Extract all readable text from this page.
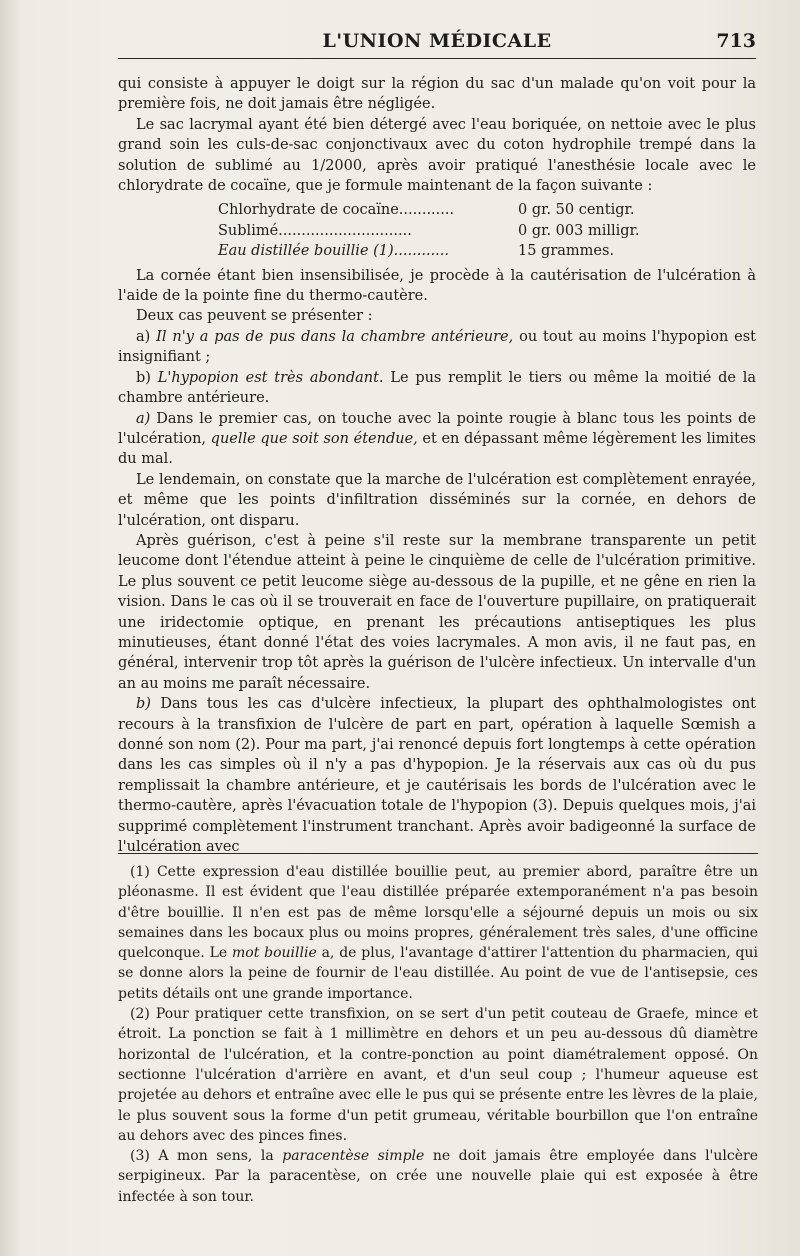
L'UNION MÉDICALE	713

qui consiste à appuyer le doigt sur la région du sac d'un malade qu'on voit pour la première fois, ne doit jamais être négligée.

Le sac lacrymal ayant été bien détergé avec l'eau boriquée, on nettoie avec le plus grand soin les culs-de-sac conjonctivaux avec du coton hydrophile trempé dans la solution de sublimé au 1/2000, après avoir pratiqué l'anesthésie locale avec le chlorydrate de cocaïne, que je formule maintenant de la façon suivante :

Chlorhydrate de cocaïne............	0 gr. 50 centigr.
Sublimé.............................	0 gr. 003 milligr.
Eau distillée bouillie (1)............	15 grammes.

La cornée étant bien insensibilisée, je procède à la cautérisation de l'ulcération à l'aide de la pointe fine du thermo-cautère.

Deux cas peuvent se présenter :

a) Il n'y a pas de pus dans la chambre antérieure, ou tout au moins l'hypopion est insignifiant ;

b) L'hypopion est très abondant. Le pus remplit le tiers ou même la moitié de la chambre antérieure.

a) Dans le premier cas, on touche avec la pointe rougie à blanc tous les points de l'ulcération, quelle que soit son étendue, et en dépassant même légèrement les limites du mal.

Le lendemain, on constate que la marche de l'ulcération est complètement enrayée, et même que les points d'infiltration disséminés sur la cornée, en dehors de l'ulcération, ont disparu.

Après guérison, c'est à peine s'il reste sur la membrane transparente un petit leucome dont l'étendue atteint à peine le cinquième de celle de l'ulcération primitive. Le plus souvent ce petit leucome siège au-dessous de la pupille, et ne gêne en rien la vision. Dans le cas où il se trouverait en face de l'ouverture pupillaire, on pratiquerait une iridectomie optique, en prenant les précautions antiseptiques les plus minutieuses, étant donné l'état des voies lacrymales. A mon avis, il ne faut pas, en général, intervenir trop tôt après la guérison de l'ulcère infectieux. Un intervalle d'un an au moins me paraît nécessaire.

b) Dans tous les cas d'ulcère infectieux, la plupart des ophthalmologistes ont recours à la transfixion de l'ulcère de part en part, opération à laquelle Sœmish a donné son nom (2). Pour ma part, j'ai renoncé depuis fort longtemps à cette opération dans les cas simples où il n'y a pas d'hypopion. Je la réservais aux cas où du pus remplissait la chambre antérieure, et je cautérisais les bords de l'ulcération avec le thermo-cautère, après l'évacuation totale de l'hypopion (3). Depuis quelques mois, j'ai supprimé complètement l'instrument tranchant. Après avoir badigeonné la surface de l'ulcération avec

(1) Cette expression d'eau distillée bouillie peut, au premier abord, paraître être un pléonasme. Il est évident que l'eau distillée préparée extemporanément n'a pas besoin d'être bouillie. Il n'en est pas de même lorsqu'elle a séjourné depuis un mois ou six semaines dans les bocaux plus ou moins propres, généralement très sales, d'une officine quelconque. Le mot bouillie a, de plus, l'avantage d'attirer l'attention du pharmacien, qui se donne alors la peine de fournir de l'eau distillée. Au point de vue de l'antisepsie, ces petits détails ont une grande importance.

(2) Pour pratiquer cette transfixion, on se sert d'un petit couteau de Graefe, mince et étroit. La ponction se fait à 1 millimètre en dehors et un peu au-dessous dû diamètre horizontal de l'ulcération, et la contre-ponction au point diamétralement opposé. On sectionne l'ulcération d'arrière en avant, et d'un seul coup ; l'humeur aqueuse est projetée au dehors et entraîne avec elle le pus qui se présente entre les lèvres de la plaie, le plus souvent sous la forme d'un petit grumeau, véritable bourbillon que l'on entraîne au dehors avec des pinces fines.

(3) A mon sens, la paracentèse simple ne doit jamais être employée dans l'ulcère serpigineux. Par la paracentèse, on crée une nouvelle plaie qui est exposée à être infectée à son tour.
